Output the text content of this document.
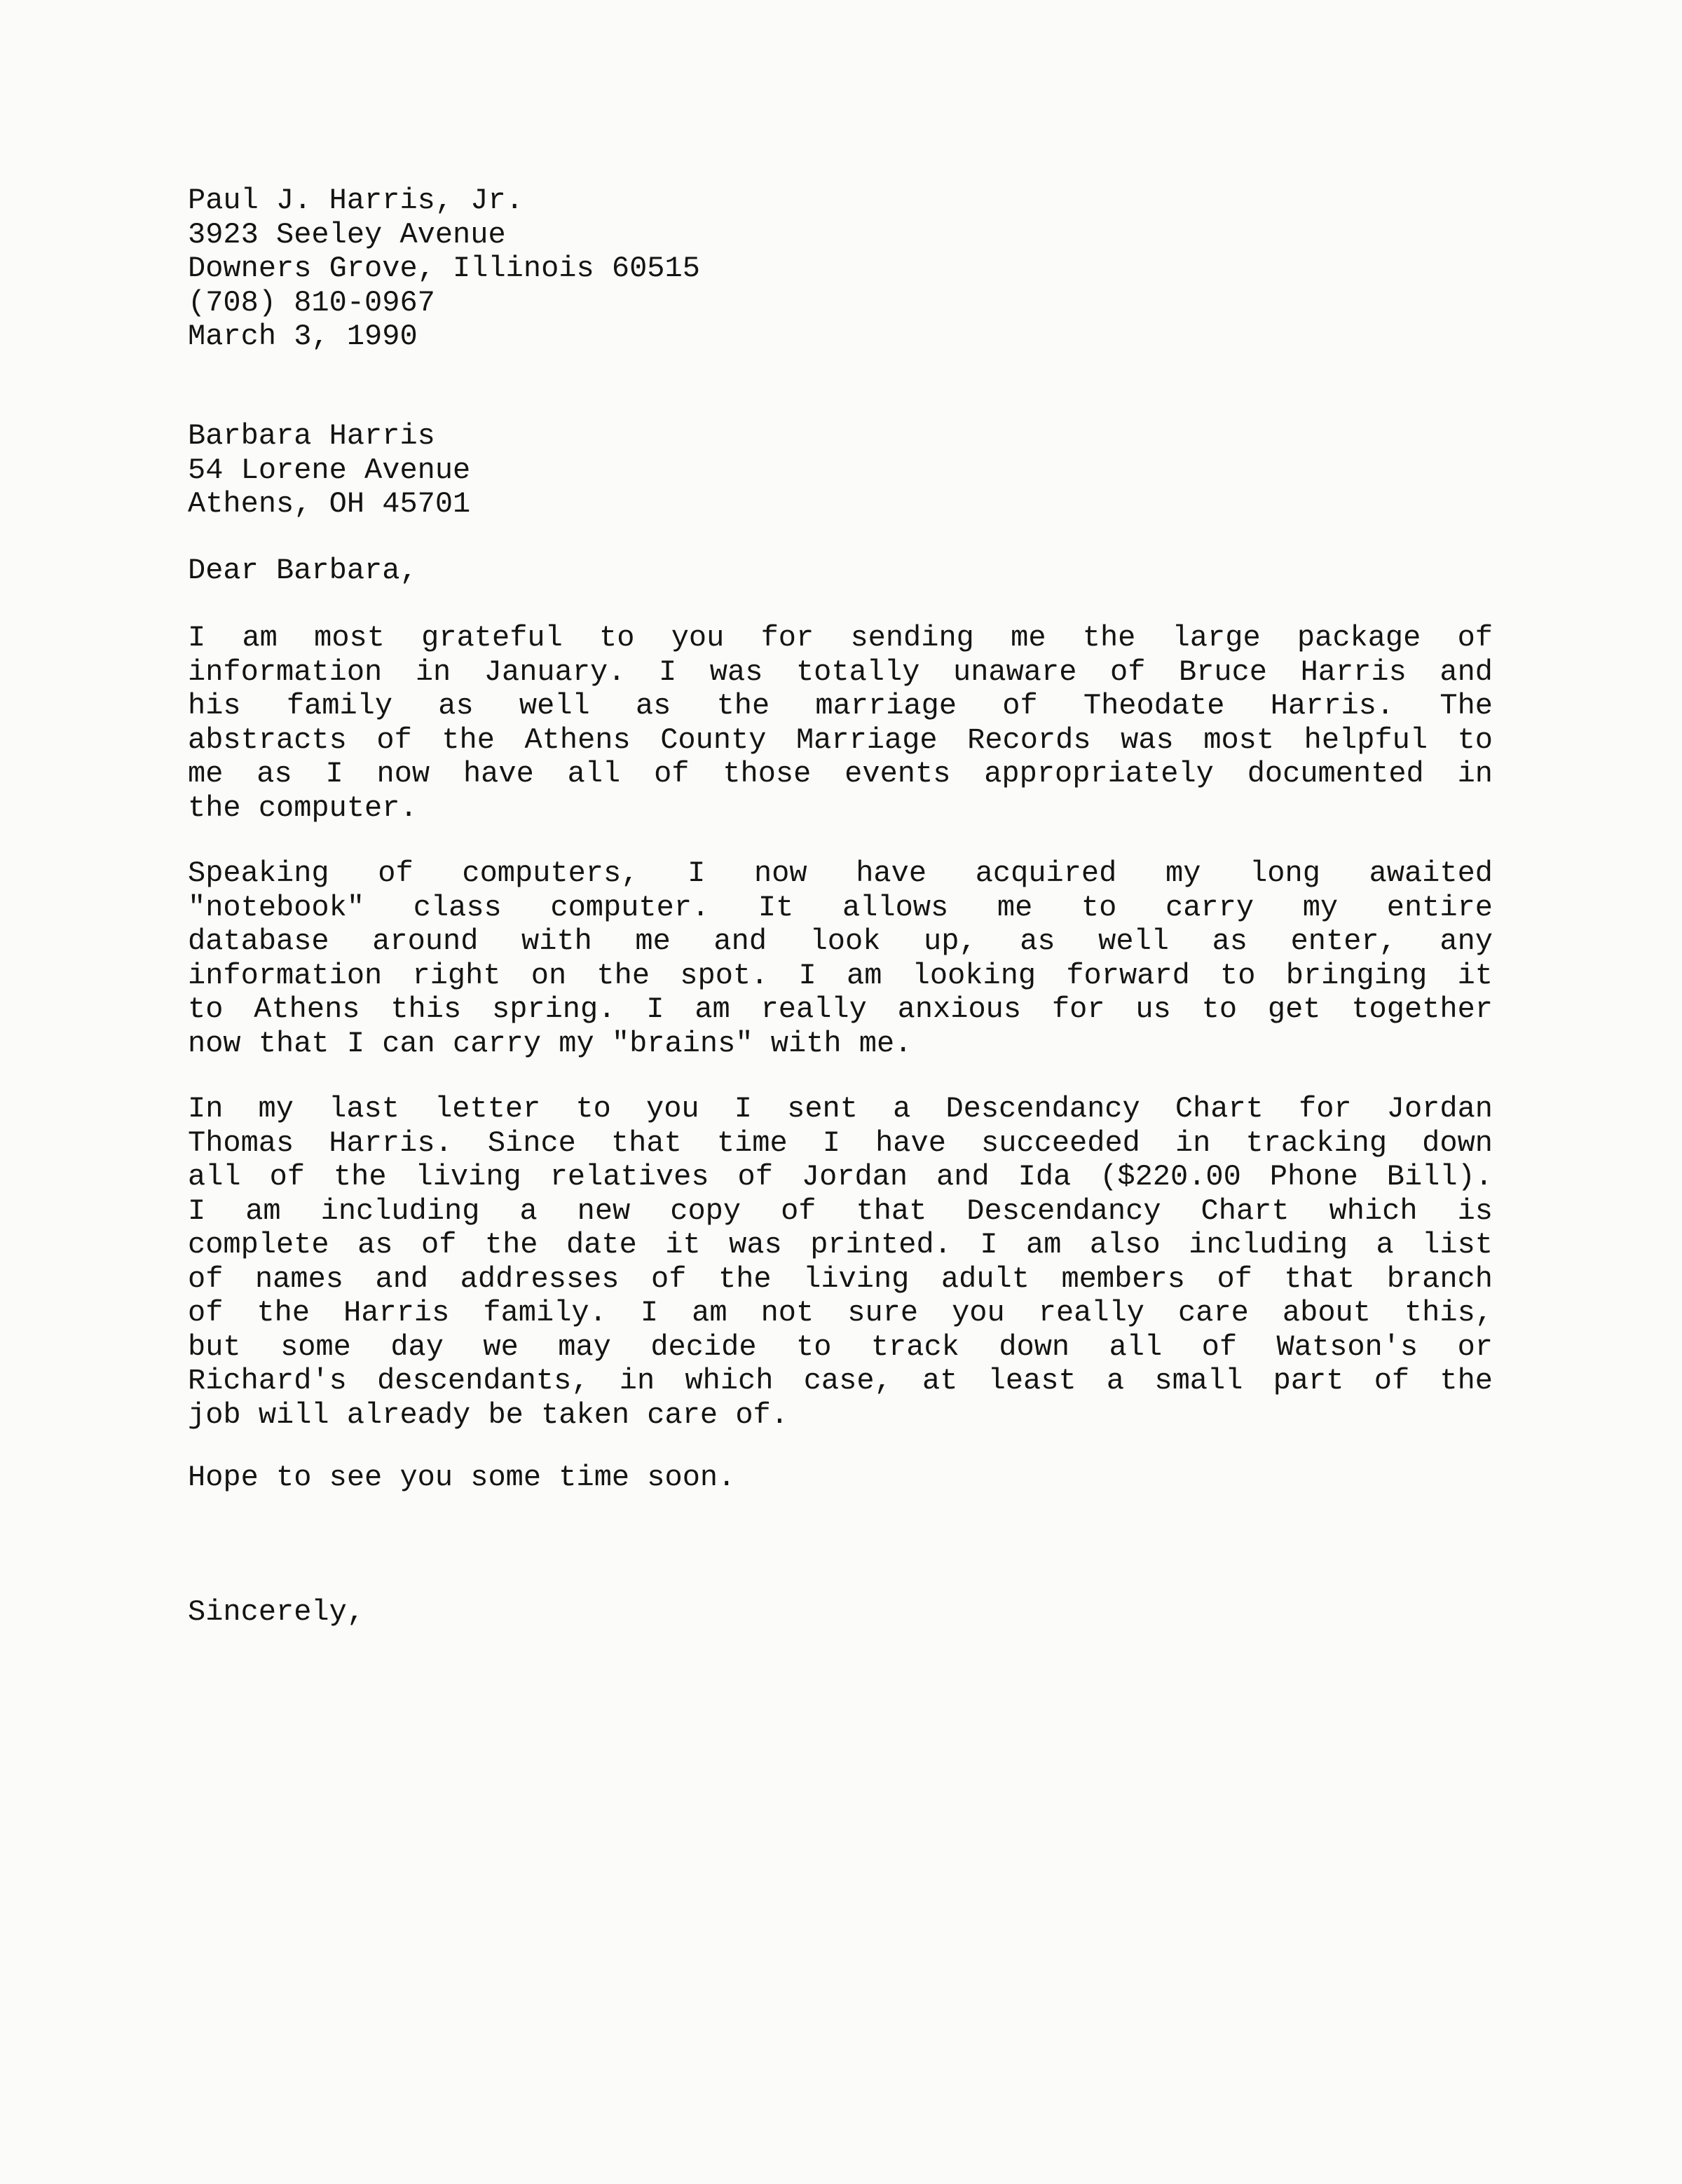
Paul J. Harris, Jr.
3923 Seeley Avenue
Downers Grove, Illinois 60515
(708) 810-0967
March 3, 1990
Barbara Harris
54 Lorene Avenue
Athens, OH 45701
Dear Barbara,
I am most grateful to you for sending me the large package of
information in January. I was totally unaware of Bruce Harris and
his family as well as the marriage of Theodate Harris. The
abstracts of the Athens County Marriage Records was most helpful to
me as I now have all of those events appropriately documented in
the computer.
Speaking of computers, I now have acquired my long awaited
"notebook" class computer. It allows me to carry my entire
database around with me and look up, as well as enter, any
information right on the spot. I am looking forward to bringing it
to Athens this spring. I am really anxious for us to get together
now that I can carry my "brains" with me.
In my last letter to you I sent a Descendancy Chart for Jordan
Thomas Harris. Since that time I have succeeded in tracking down
all of the living relatives of Jordan and Ida ($220.00 Phone Bill).
I am including a new copy of that Descendancy Chart which is
complete as of the date it was printed. I am also including a list
of names and addresses of the living adult members of that branch
of the Harris family. I am not sure you really care about this,
but some day we may decide to track down all of Watson's or
Richard's descendants, in which case, at least a small part of the
job will already be taken care of.
Hope to see you some time soon.
Sincerely,
